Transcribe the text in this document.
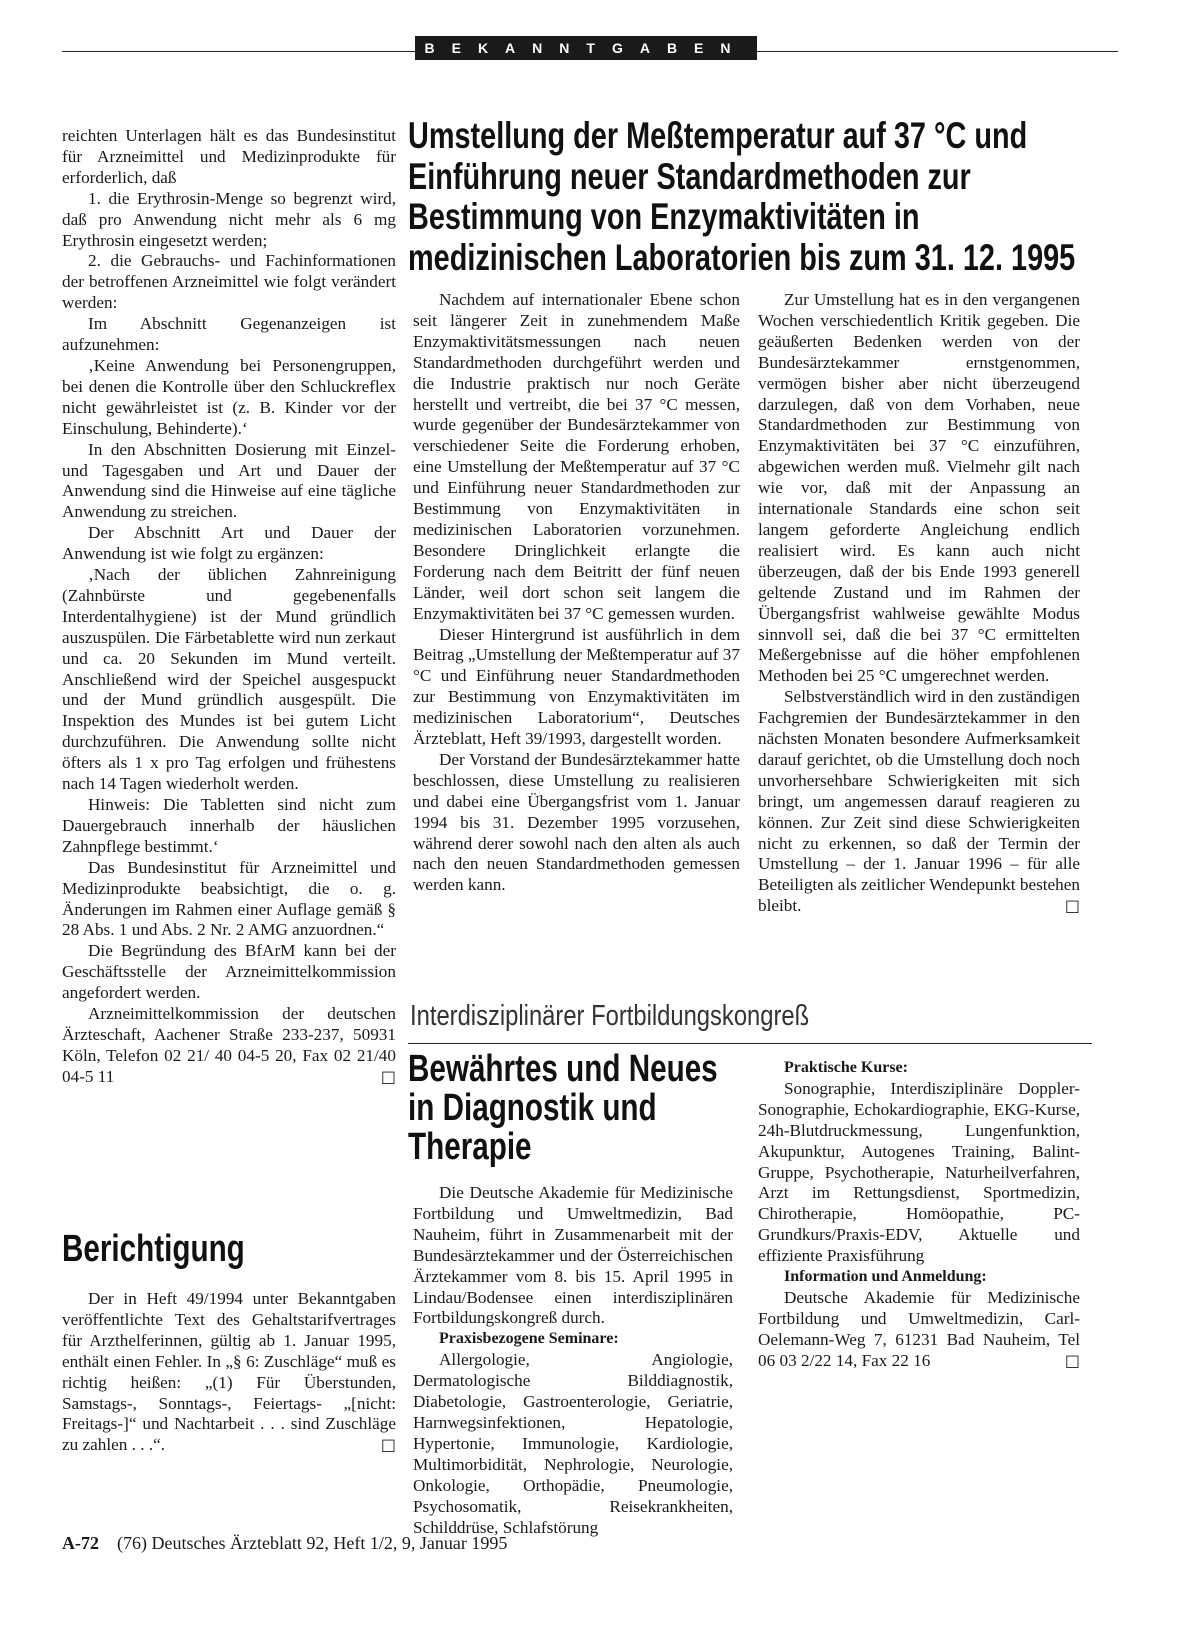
BEKANNTGABEN

reichten Unterlagen hält es das Bundesinstitut für Arzneimittel und Medizinprodukte für erforderlich, daß

1. die Erythrosin-Menge so begrenzt wird, daß pro Anwendung nicht mehr als 6 mg Erythrosin eingesetzt werden;

2. die Gebrauchs- und Fachinformationen der betroffenen Arzneimittel wie folgt verändert werden:

Im Abschnitt Gegenanzeigen ist aufzunehmen:

‚Keine Anwendung bei Personengruppen, bei denen die Kontrolle über den Schluckreflex nicht gewährleistet ist (z. B. Kinder vor der Einschulung, Behinderte).‘

In den Abschnitten Dosierung mit Einzel- und Tagesgaben und Art und Dauer der Anwendung sind die Hinweise auf eine tägliche Anwendung zu streichen.

Der Abschnitt Art und Dauer der Anwendung ist wie folgt zu ergänzen:

‚Nach der üblichen Zahnreinigung (Zahnbürste und gegebenenfalls Interdentalhygiene) ist der Mund gründlich auszuspülen. Die Färbetablette wird nun zerkaut und ca. 20 Sekunden im Mund verteilt. Anschließend wird der Speichel ausgespuckt und der Mund gründlich ausgespült. Die Inspektion des Mundes ist bei gutem Licht durchzuführen. Die Anwendung sollte nicht öfters als 1 x pro Tag erfolgen und frühestens nach 14 Tagen wiederholt werden.

Hinweis: Die Tabletten sind nicht zum Dauergebrauch innerhalb der häuslichen Zahnpflege bestimmt.‘

Das Bundesinstitut für Arzneimittel und Medizinprodukte beabsichtigt, die o. g. Änderungen im Rahmen einer Auflage gemäß § 28 Abs. 1 und Abs. 2 Nr. 2 AMG anzuordnen.“

Die Begründung des BfArM kann bei der Geschäftsstelle der Arzneimittelkommission angefordert werden.

Arzneimittelkommission der deutschen Ärzteschaft, Aachener Straße 233-237, 50931 Köln, Telefon 02 21/ 40 04-5 20, Fax 02 21/40 04-5 11	□

Umstellung der Meßtemperatur auf 37 °C und Einführung neuer Standardmethoden zur Bestimmung von Enzymaktivitäten in medizinischen Laboratorien bis zum 31. 12. 1995

Nachdem auf internationaler Ebene schon seit längerer Zeit in zunehmendem Maße Enzymaktivitätsmessungen nach neuen Standardmethoden durchgeführt werden und die Industrie praktisch nur noch Geräte herstellt und vertreibt, die bei 37 °C messen, wurde gegenüber der Bundesärztekammer von verschiedener Seite die Forderung erhoben, eine Umstellung der Meßtemperatur auf 37 °C und Einführung neuer Standardmethoden zur Bestimmung von Enzymaktivitäten in medizinischen Laboratorien vorzunehmen. Besondere Dringlichkeit erlangte die Forderung nach dem Beitritt der fünf neuen Länder, weil dort schon seit langem die Enzymaktivitäten bei 37 °C gemessen wurden.

Dieser Hintergrund ist ausführlich in dem Beitrag „Umstellung der Meßtemperatur auf 37 °C und Einführung neuer Standardmethoden zur Bestimmung von Enzymaktivitäten im medizinischen Laboratorium“, Deutsches Ärzteblatt, Heft 39/1993, dargestellt worden.

Der Vorstand der Bundesärztekammer hatte beschlossen, diese Umstellung zu realisieren und dabei eine Übergangsfrist vom 1. Januar 1994 bis 31. Dezember 1995 vorzusehen, während derer sowohl nach den alten als auch nach den neuen Standardmethoden gemessen werden kann.

Zur Umstellung hat es in den vergangenen Wochen verschiedentlich Kritik gegeben. Die geäußerten Bedenken werden von der Bundesärztekammer ernstgenommen, vermögen bisher aber nicht überzeugend darzulegen, daß von dem Vorhaben, neue Standardmethoden zur Bestimmung von Enzymaktivitäten bei 37 °C einzuführen, abgewichen werden muß. Vielmehr gilt nach wie vor, daß mit der Anpassung an internationale Standards eine schon seit langem geforderte Angleichung endlich realisiert wird. Es kann auch nicht überzeugen, daß der bis Ende 1993 generell geltende Zustand und im Rahmen der Übergangsfrist wahlweise gewählte Modus sinnvoll sei, daß die bei 37 °C ermittelten Meßergebnisse auf die höher empfohlenen Methoden bei 25 °C umgerechnet werden.

Selbstverständlich wird in den zuständigen Fachgremien der Bundesärztekammer in den nächsten Monaten besondere Aufmerksamkeit darauf gerichtet, ob die Umstellung doch noch unvorhersehbare Schwierigkeiten mit sich bringt, um angemessen darauf reagieren zu können. Zur Zeit sind diese Schwierigkeiten nicht zu erkennen, so daß der Termin der Umstellung – der 1. Januar 1996 – für alle Beteiligten als zeitlicher Wendepunkt bestehen bleibt.	□

Interdisziplinärer Fortbildungskongreß
Bewährtes und Neues in Diagnostik und Therapie

Die Deutsche Akademie für Medizinische Fortbildung und Umweltmedizin, Bad Nauheim, führt in Zusammenarbeit mit der Bundesärztekammer und der Österreichischen Ärztekammer vom 8. bis 15. April 1995 in Lindau/Bodensee einen interdisziplinären Fortbildungskongreß durch.

Praxisbezogene Seminare:

Allergologie, Angiologie, Dermatologische Bilddiagnostik, Diabetologie, Gastroenterologie, Geriatrie, Harnwegsinfektionen, Hepatologie, Hypertonie, Immunologie, Kardiologie, Multimorbidität, Nephrologie, Neurologie, Onkologie, Orthopädie, Pneumologie, Psychosomatik, Reisekrankheiten, Schilddrüse, Schlafstörung

Praktische Kurse:

Sonographie, Interdisziplinäre Doppler-Sonographie, Echokardiographie, EKG-Kurse, 24h-Blutdruckmessung, Lungenfunktion, Akupunktur, Autogenes Training, Balint-Gruppe, Psychotherapie, Naturheilverfahren, Arzt im Rettungsdienst, Sportmedizin, Chirotherapie, Homöopathie, PC-Grundkurs/Praxis-EDV, Aktuelle und effiziente Praxisführung

Information und Anmeldung:

Deutsche Akademie für Medizinische Fortbildung und Umweltmedizin, Carl-Oelemann-Weg 7, 61231 Bad Nauheim, Tel 06 03 2/22 14, Fax 22 16	□

Berichtigung

Der in Heft 49/1994 unter Bekanntgaben veröffentlichte Text des Gehaltstarifvertrages für Arzthelferinnen, gültig ab 1. Januar 1995, enthält einen Fehler. In „§ 6: Zuschläge“ muß es richtig heißen: „(1) Für Überstunden, Samstags-, Sonntags-, Feiertags- „[nicht: Freitags-]“ und Nachtarbeit . . . sind Zuschläge zu zahlen . . .“.	□

A-72 (76) Deutsches Ärzteblatt 92, Heft 1/2, 9, Januar 1995
